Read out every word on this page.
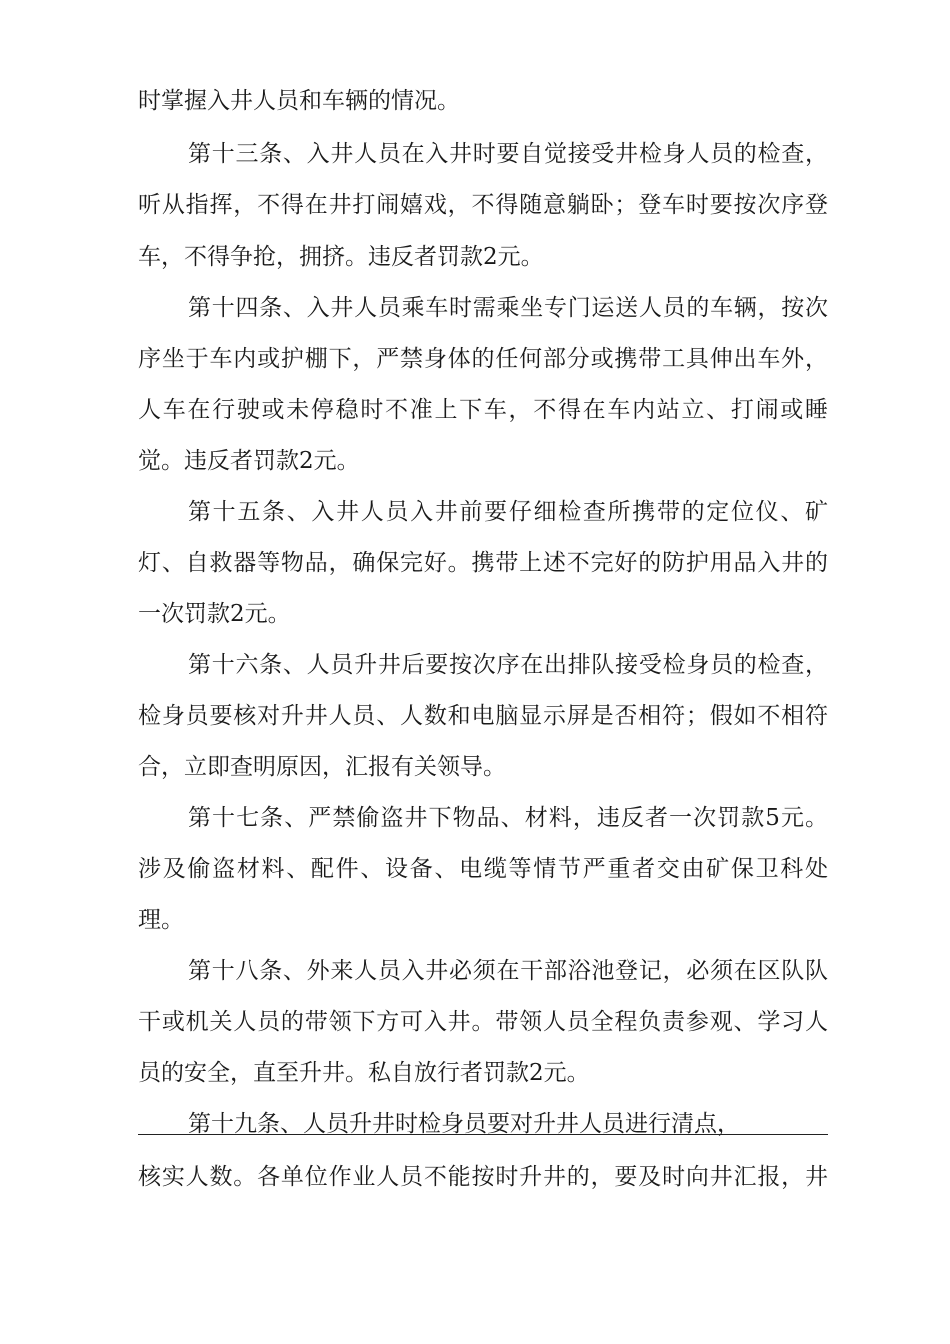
时掌握入井人员和车辆的情况。
第十三条、入井人员在入井时要自觉接受井检身人员的检查，
听从指挥，不得在井打闹嬉戏，不得随意躺卧；登车时要按次序登
车，不得争抢，拥挤。违反者罚款2元。
第十四条、入井人员乘车时需乘坐专门运送人员的车辆，按次
序坐于车内或护棚下，严禁身体的任何部分或携带工具伸出车外，
人车在行驶或未停稳时不准上下车，不得在车内站立、打闹或睡
觉。违反者罚款2元。
第十五条、入井人员入井前要仔细检查所携带的定位仪、矿
灯、自救器等物品，确保完好。携带上述不完好的防护用品入井的
一次罚款2元。
第十六条、人员升井后要按次序在出排队接受检身员的检查，
检身员要核对升井人员、人数和电脑显示屏是否相符；假如不相符
合，立即查明原因，汇报有关领导。
第十七条、严禁偷盗井下物品、材料，违反者一次罚款5元。
涉及偷盗材料、配件、设备、电缆等情节严重者交由矿保卫科处
理。
第十八条、外来人员入井必须在干部浴池登记，必须在区队队
干或机关人员的带领下方可入井。带领人员全程负责参观、学习人
员的安全，直至升井。私自放行者罚款2元。
第十九条、人员升井时检身员要对升井人员进行清点，
核实人数。各单位作业人员不能按时升井的，要及时向井汇报，井
